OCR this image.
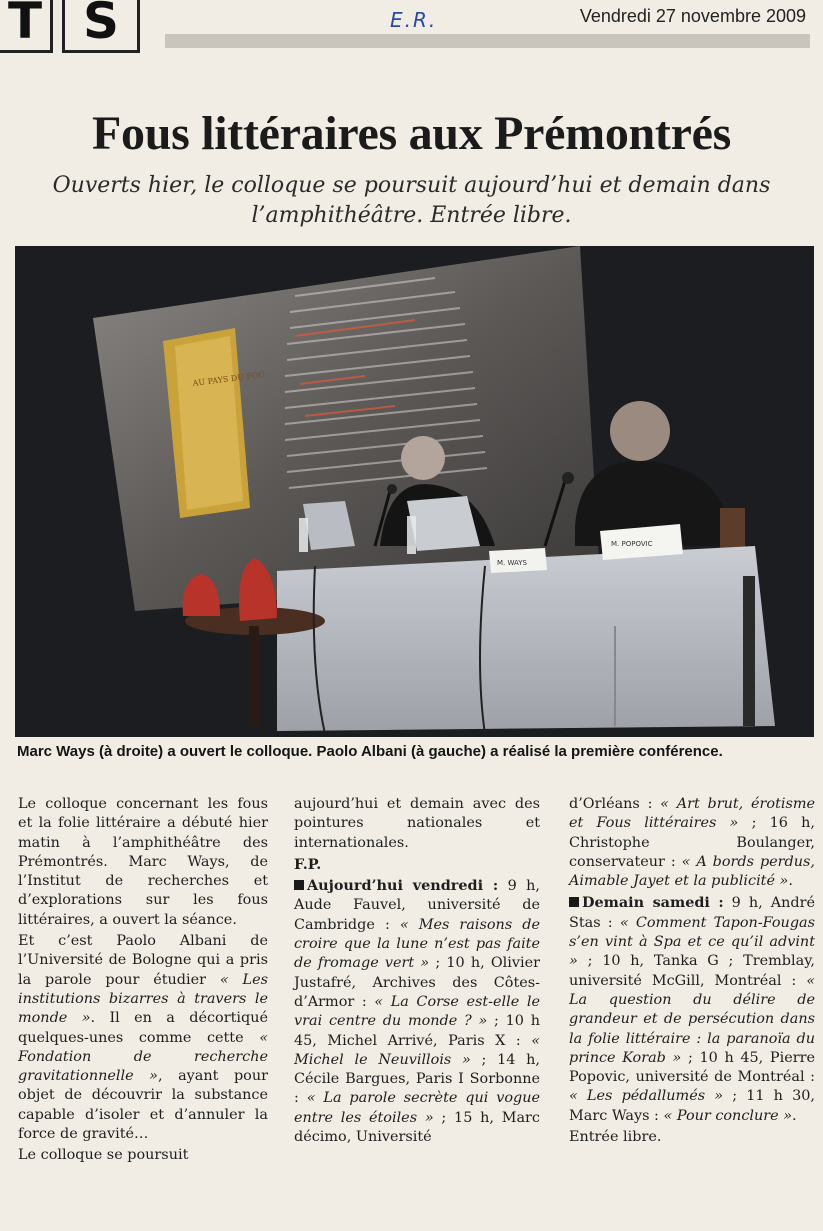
T S	E.R.	Vendredi 27 novembre 2009
Fous littéraires aux Prémontrés
Ouverts hier, le colloque se poursuit aujourd’hui et demain dans l’amphithéâtre. Entrée libre.
AU PAYS DU FOU
M. WAYS
M. POPOVIC
Marc Ways (à droite) a ouvert le colloque. Paolo Albani (à gauche) a réalisé la première conférence.

Le colloque concernant les fous et la folie littéraire a débuté hier matin à l’amphithéâtre des Prémontrés. Marc Ways, de l’Institut de recherches et d’explorations sur les fous littéraires, a ouvert la séance.

Et c’est Paolo Albani de l’Université de Bologne qui a pris la parole pour étudier « Les institutions bizarres à travers le monde ». Il en a décortiqué quelques-unes comme cette « Fondation de recherche gravitationnelle », ayant pour objet de découvrir la substance capable d’isoler et d’annuler la force de gravité…

Le colloque se poursuit

aujourd’hui et demain avec des pointures nationales et internationales.

F.P.

Aujourd’hui vendredi : 9 h, Aude Fauvel, université de Cambridge : « Mes raisons de croire que la lune n’est pas faite de fromage vert » ; 10 h, Olivier Justafré, Archives des Côtes-d’Armor : « La Corse est-elle le vrai centre du monde ? » ; 10 h 45, Michel Arrivé, Paris X : « Michel le Neuvillois » ; 14 h, Cécile Bargues, Paris I Sorbonne : « La parole secrète qui vogue entre les étoiles » ; 15 h, Marc décimo, Université

d’Orléans : « Art brut, érotisme et Fous littéraires » ; 16 h, Christophe Boulanger, conservateur : « A bords perdus, Aimable Jayet et la publicité ».

Demain samedi : 9 h, André Stas : « Comment Tapon-Fougas s’en vint à Spa et ce qu’il advint » ; 10 h, Tanka G ; Tremblay, université McGill, Montréal : « La question du délire de grandeur et de persécution dans la folie littéraire : la paranoïa du prince Korab » ; 10 h 45, Pierre Popovic, université de Montréal : « Les pédallumés » ; 11 h 30, Marc Ways : « Pour conclure ».

Entrée libre.
